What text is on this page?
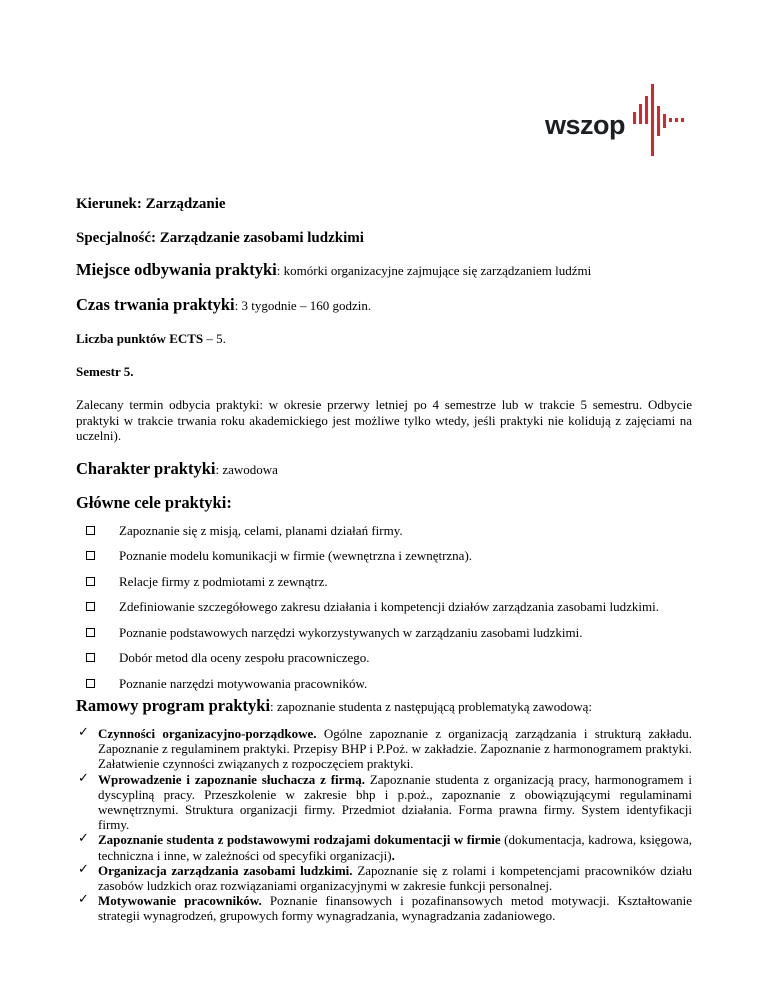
wszop

Kierunek: Zarządzanie

Specjalność: Zarządzanie zasobami ludzkimi

Miejsce odbywania praktyki: komórki organizacyjne zajmujące się zarządzaniem ludźmi

Czas trwania praktyki: 3 tygodnie – 160 godzin.

Liczba punktów ECTS – 5.

Semestr 5.

Zalecany termin odbycia praktyki: w okresie przerwy letniej po 4 semestrze lub w trakcie 5 semestru. Odbycie praktyki w trakcie trwania roku akademickiego jest możliwe tylko wtedy, jeśli praktyki nie kolidują z zajęciami na uczelni).

Charakter praktyki: zawodowa

Główne cele praktyki:

Zapoznanie się z misją, celami, planami działań firmy.
Poznanie modelu komunikacji w firmie (wewnętrzna i zewnętrzna).
Relacje firmy z podmiotami z zewnątrz.
Zdefiniowanie szczegółowego zakresu działania i kompetencji działów zarządzania zasobami ludzkimi.
Poznanie podstawowych narzędzi wykorzystywanych w zarządzaniu zasobami ludzkimi.
Dobór metod dla oceny zespołu pracowniczego.
Poznanie narzędzi motywowania pracowników.

Ramowy program praktyki: zapoznanie studenta z następującą problematyką zawodową:

✓ Czynności organizacyjno-porządkowe. Ogólne zapoznanie z organizacją zarządzania i strukturą zakładu. Zapoznanie z regulaminem praktyki. Przepisy BHP i P.Poż. w zakładzie. Zapoznanie z harmonogramem praktyki. Załatwienie czynności związanych z rozpoczęciem praktyki.
✓ Wprowadzenie i zapoznanie słuchacza z firmą. Zapoznanie studenta z organizacją pracy, harmonogramem i dyscypliną pracy. Przeszkolenie w zakresie bhp i p.poż., zapoznanie z obowiązującymi regulaminami wewnętrznymi. Struktura organizacji firmy. Przedmiot działania. Forma prawna firmy. System identyfikacji firmy.
✓ Zapoznanie studenta z podstawowymi rodzajami dokumentacji w firmie (dokumentacja, kadrowa, księgowa, techniczna i inne, w zależności od specyfiki organizacji).
✓ Organizacja zarządzania zasobami ludzkimi. Zapoznanie się z rolami i kompetencjami pracowników działu zasobów ludzkich oraz rozwiązaniami organizacyjnymi w zakresie funkcji personalnej.
✓ Motywowanie pracowników. Poznanie finansowych i pozafinansowych metod motywacji. Kształtowanie strategii wynagrodzeń, grupowych formy wynagradzania, wynagradzania zadaniowego.
